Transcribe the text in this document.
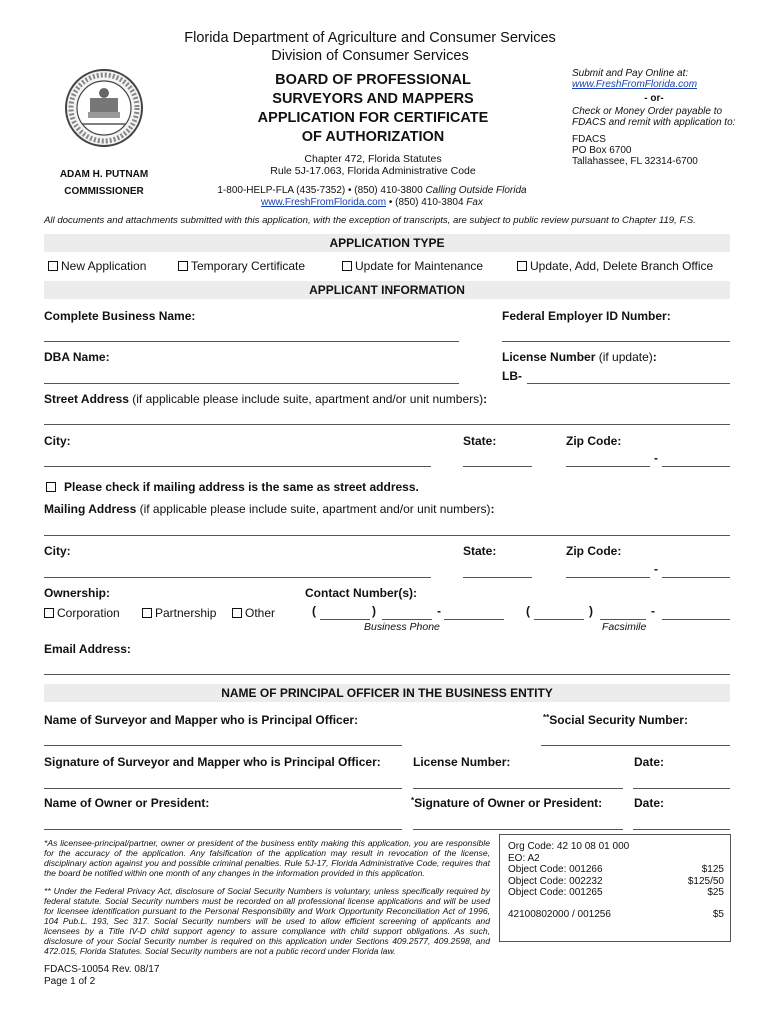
Florida Department of Agriculture and Consumer Services
Division of Consumer Services
BOARD OF PROFESSIONAL
SURVEYORS AND MAPPERS
APPLICATION FOR CERTIFICATE
OF AUTHORIZATION
Chapter 472, Florida Statutes
Rule 5J-17.063, Florida Administrative Code
1-800-HELP-FLA (435-7352) • (850) 410-3800 Calling Outside Florida
www.FreshFromFlorida.com • (850) 410-3804 Fax
ADAM H. PUTNAM
COMMISSIONER
Submit and Pay Online at:
www.FreshFromFlorida.com
- or-
Check or Money Order payable to FDACS and remit with application to:
FDACS
PO Box 6700
Tallahassee, FL 32314-6700
All documents and attachments submitted with this application, with the exception of transcripts, are subject to public review pursuant to Chapter 119, F.S.
APPLICATION TYPE
New Application	Temporary Certificate	Update for Maintenance	Update, Add, Delete Branch Office
APPLICANT INFORMATION
Complete Business Name:	Federal Employer ID Number:
DBA Name:	License Number (if update):
LB-
Street Address (if applicable please include suite, apartment and/or unit numbers):
City:	State:	Zip Code:
-
Please check if mailing address is the same as street address.
Mailing Address (if applicable please include suite, apartment and/or unit numbers):
City:	State:	Zip Code:
-
Ownership:
Corporation	Partnership	Other
Contact Number(s):
(	)	-
Business Phone
(	)	-
Facsimile
Email Address:
NAME OF PRINCIPAL OFFICER IN THE BUSINESS ENTITY
Name of Surveyor and Mapper who is Principal Officer:	**Social Security Number:
Signature of Surveyor and Mapper who is Principal Officer:	License Number:	Date:
Name of Owner or President:	*Signature of Owner or President:	Date:
*As licensee-principal/partner, owner or president of the business entity making this application, you are responsible for the accuracy of the application. Any falsification of the application may result in revocation of the license, disciplinary action against you and possible criminal penalties. Rule 5J-17, Florida Administrative Code, requires that the board be notified within one month of any changes in the information provided in this application.
** Under the Federal Privacy Act, disclosure of Social Security Numbers is voluntary, unless specifically required by federal statute. Social Security numbers must be recorded on all professional license applications and will be used for licensee identification pursuant to the Personal Responsibility and Work Opportunity Reconciliation Act of 1996, 104 Pub.L. 193, Sec 317. Social Security numbers will be used to allow efficient screening of applicants and licensees by a Title IV-D child support agency to assure compliance with child support obligations. As such, disclosure of your Social Security number is required on this application under Sections 409.2577, 409.2598, and 472.015, Florida Statutes. Social Security numbers are not a public record under Florida law.
FDACS-10054 Rev. 08/17
Page 1 of 2
Org Code: 42 10 08 01 000
EO: A2
Object Code: 001266	$125
Object Code: 002232	$125/50
Object Code: 001265	$25
42100802000 / 001256	$5
